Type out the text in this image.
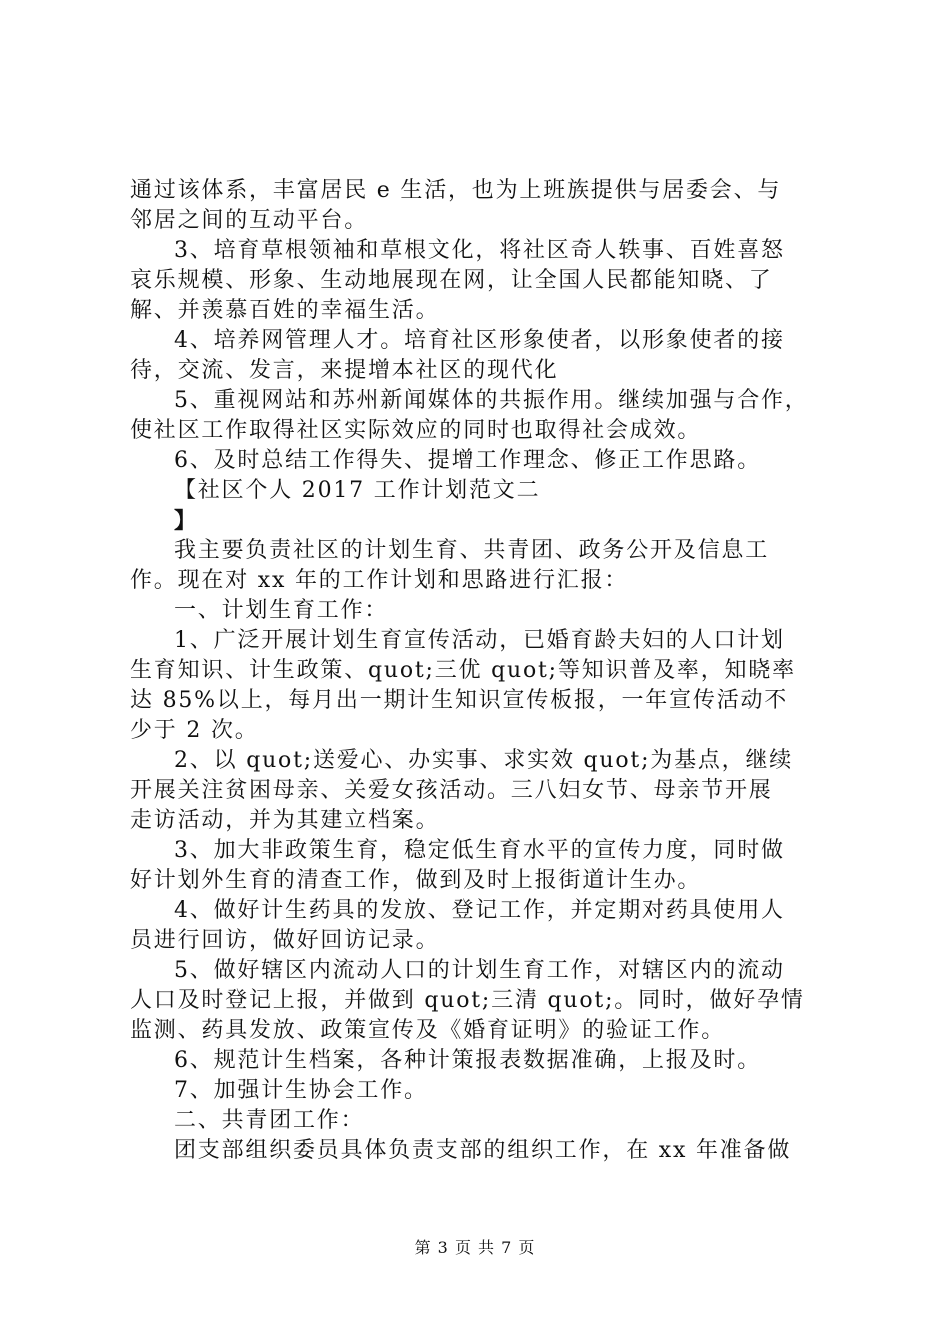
通过该体系，丰富居民 e 生活，也为上班族提供与居委会、与
邻居之间的互动平台。
3、培育草根领袖和草根文化，将社区奇人轶事、百姓喜怒
哀乐规模、形象、生动地展现在网，让全国人民都能知晓、了
解、并羡慕百姓的幸福生活。
4、培养网管理人才。培育社区形象使者，以形象使者的接
待，交流、发言，来提增本社区的现代化
5、重视网站和苏州新闻媒体的共振作用。继续加强与合作，
使社区工作取得社区实际效应的同时也取得社会成效。
6、及时总结工作得失、提增工作理念、修正工作思路。
【社区个人 2017 工作计划范文二
】
我主要负责社区的计划生育、共青团、政务公开及信息工
作。现在对 xx 年的工作计划和思路进行汇报：
一、计划生育工作：
1、广泛开展计划生育宣传活动，已婚育龄夫妇的人口计划
生育知识、计生政策、quot;三优 quot;等知识普及率，知晓率
达 85%以上，每月出一期计生知识宣传板报，一年宣传活动不
少于 2 次。
2、以 quot;送爱心、办实事、求实效 quot;为基点，继续
开展关注贫困母亲、关爱女孩活动。三八妇女节、母亲节开展
走访活动，并为其建立档案。
3、加大非政策生育，稳定低生育水平的宣传力度，同时做
好计划外生育的清查工作，做到及时上报街道计生办。
4、做好计生药具的发放、登记工作，并定期对药具使用人
员进行回访，做好回访记录。
5、做好辖区内流动人口的计划生育工作，对辖区内的流动
人口及时登记上报，并做到 quot;三清 quot;。同时，做好孕情
监测、药具发放、政策宣传及《婚育证明》的验证工作。
6、规范计生档案，各种计策报表数据准确，上报及时。
7、加强计生协会工作。
二、共青团工作：
团支部组织委员具体负责支部的组织工作，在 xx 年准备做
第 3 页 共 7 页
